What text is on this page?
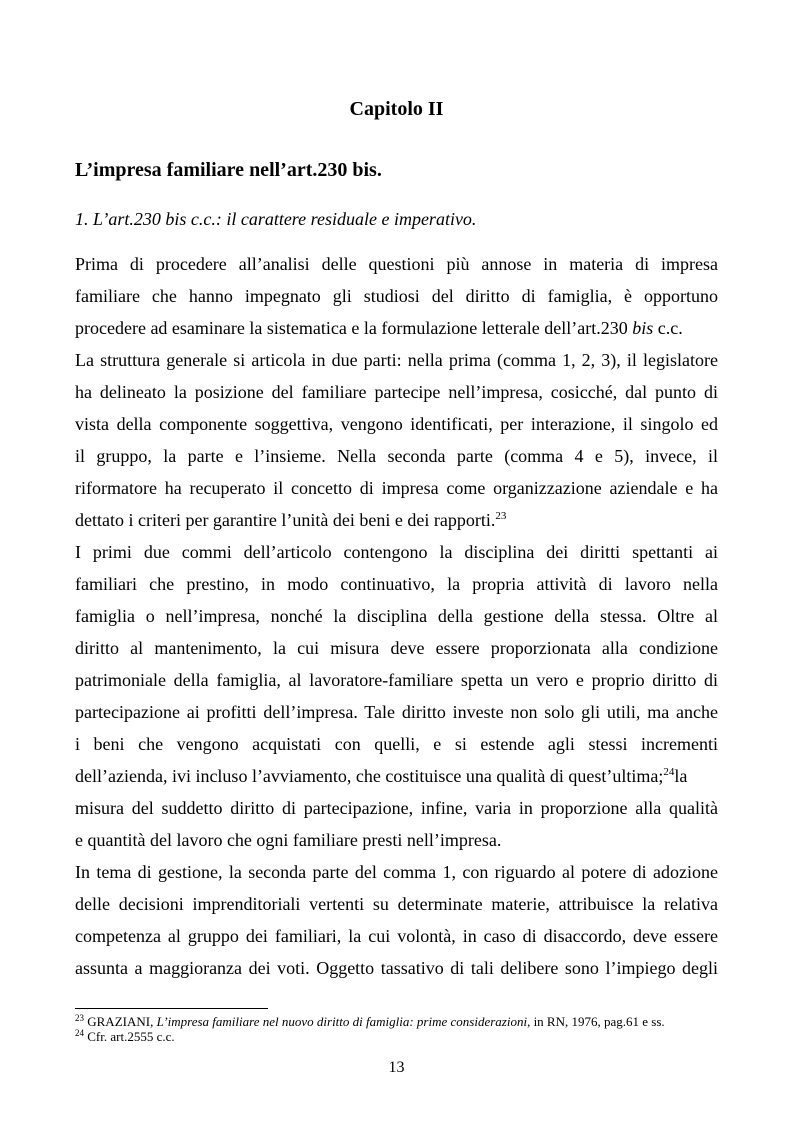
Capitolo II
L’impresa familiare nell’art.230 bis.
1. L’art.230 bis c.c.: il carattere residuale e imperativo.
Prima di procedere all’analisi delle questioni più annose in materia di impresa
familiare che hanno impegnato gli studiosi del diritto di famiglia, è opportuno
procedere ad esaminare la sistematica e la formulazione letterale dell’art.230 bis c.c.
La struttura generale si articola in due parti: nella prima (comma 1, 2, 3), il legislatore
ha delineato la posizione del familiare partecipe nell’impresa, cosicché, dal punto di
vista della componente soggettiva, vengono identificati, per interazione, il singolo ed
il gruppo, la parte e l’insieme. Nella seconda parte (comma 4 e 5), invece, il
riformatore ha recuperato il concetto di impresa come organizzazione aziendale e ha
dettato i criteri per garantire l’unità dei beni e dei rapporti.$^{23}$
I primi due commi dell’articolo contengono la disciplina dei diritti spettanti ai
familiari che prestino, in modo continuativo, la propria attività di lavoro nella
famiglia o nell’impresa, nonché la disciplina della gestione della stessa. Oltre al
diritto al mantenimento, la cui misura deve essere proporzionata alla condizione
patrimoniale della famiglia, al lavoratore-familiare spetta un vero e proprio diritto di
partecipazione ai profitti dell’impresa. Tale diritto investe non solo gli utili, ma anche
i beni che vengono acquistati con quelli, e si estende agli stessi incrementi
dell’azienda, ivi incluso l’avviamento, che costituisce una qualità di quest’ultima;$^{24}$la
misura del suddetto diritto di partecipazione, infine, varia in proporzione alla qualità
e quantità del lavoro che ogni familiare presti nell’impresa.
In tema di gestione, la seconda parte del comma 1, con riguardo al potere di adozione
delle decisioni imprenditoriali vertenti su determinate materie, attribuisce la relativa
competenza al gruppo dei familiari, la cui volontà, in caso di disaccordo, deve essere
assunta a maggioranza dei voti. Oggetto tassativo di tali delibere sono l’impiego degli
$^{23}$ GRAZIANI, L’impresa familiare nel nuovo diritto di famiglia: prime considerazioni, in RN, 1976, pag.61 e ss.
$^{24}$ Cfr. art.2555 c.c.
13
